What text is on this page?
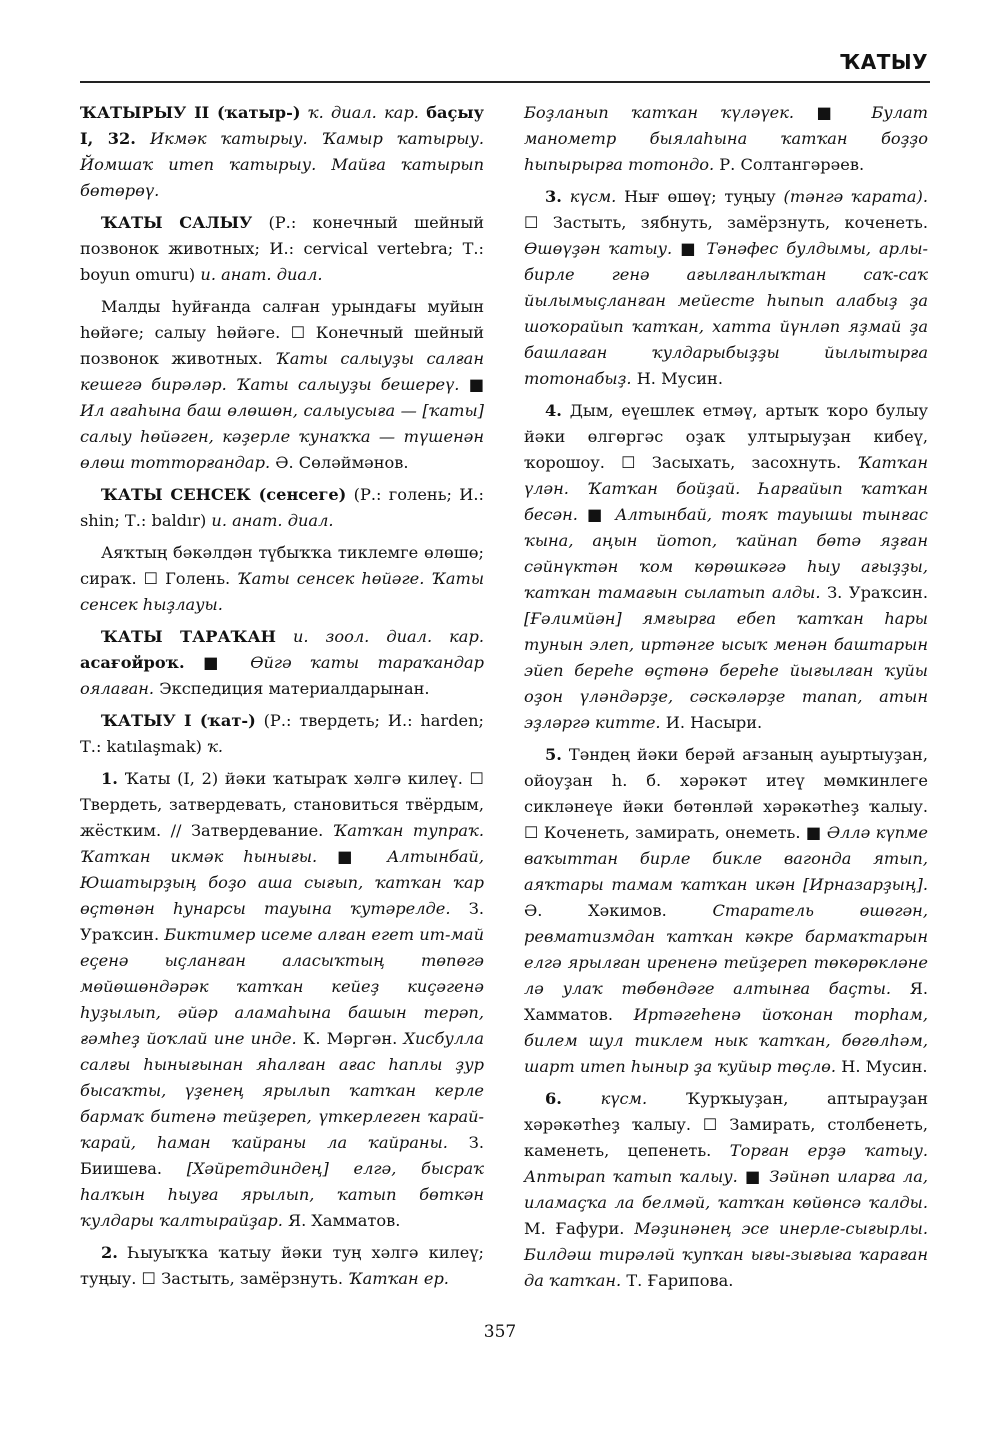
ҠАТЫУ

ҠАТЫРЫУ II (ҡатыр-) ҡ. диал. кар. баҫыу I, 32. Икмәк ҡатырыу. Ҡамыр ҡатырыу. Йомшаҡ итеп ҡатырыу. Майға ҡатырып бөтөрөү.

ҠАТЫ САЛЫУ (Р.: конечный шейный позвонок животных; И.: cervical vertebra; Т.: boyun omuru) и. анат. диал.

Малды һуйғанда салған урындағы муйын һөйәге; салыу һөйәге. ☐ Конечный шейный позвонок животных. Ҡаты салыуҙы салған кешегә бирәләр. Ҡаты салыуҙы бешереү. ■ Ил ағаһына баш өлөшөн, салыусыға — [ҡаты] салыу һөйәген, кәҙерле ҡунаҡҡа — түшенән өлөш тотторғандар. Ә. Сөләймәнов.

ҠАТЫ СЕНСЕК (сенсеге) (Р.: голень; И.: shin; Т.: baldır) и. анат. диал.

Аяҡтың бәкәлдән түбыҡҡа тиклемге өлөшө; сираҡ. ☐ Голень. Ҡаты сенсек һөйәге. Ҡаты сенсек һыҙлауы.

ҠАТЫ ТАРАҠАН и. зоол. диал. кар. асағойроҡ. ■ Өйгә ҡаты тараҡандар оялаған. Экспедиция материалдарынан.

ҠАТЫУ I (ҡат-) (Р.: твердеть; И.: harden; Т.: katılaşmak) ҡ.

1. Ҡаты (I, 2) йәки ҡатыраҡ хәлгә килеү. ☐ Твердеть, затвердевать, становиться твёрдым, жёстким. // Затвердевание. Ҡатҡан тупраҡ. Ҡатҡан икмәк һынығы. ■ Алтынбай, Юшатырҙың боҙо аша сығып, ҡатҡан ҡар өҫтөнән һунарсы тауына ҡутәрелде. З. Ураҡсин. Биктимер исеме алған егет ит-май еҫенә ыҫланған аласыҡтың төпөгә мөйөшөндәрәк ҡатҡан кейеҙ киҫәгенә һуҙылып, әйәр аламаһына башын терәп, ғәмһеҙ йоҡлай ине инде. К. Мәргән. Хисбулла салғы һынығынан яһалған ағас һаплы ҙур бысаҡты, үҙенең ярылып ҡатҡан керле бармаҡ битенә тейҙереп, үткерлеген ҡарай-ҡарай, һаман ҡайраны ла ҡайраны. З. Биишева. [Хәйретдиндең] елгә, бысраҡ һалҡын һыуға ярылып, ҡатып бөткән ҡулдары ҡалтырайҙар. Я. Хамматов.

2. Һыуыҡҡа ҡатыу йәки туң хәлгә килеү; туңыу. ☐ Застыть, замёрзнуть. Ҡатҡан ер.

Боҙланып ҡатҡан ҡүләүек. ■ Булат манометр быялаһына ҡатҡан боҙҙо һыпырырға тотондо. Р. Солтангәрәев.

3. күсм. Нығ өшөү; туңыу (тәнгә ҡарата). ☐ Застыть, зябнуть, замёрзнуть, коченеть. Өшөүҙән ҡатыу. ■ Тәнәфес булдымы, арлы-бирле генә ағылғанлыҡтан саҡ-саҡ йылымыҫланған мейесте һыпып алабыҙ ҙа шоҡорайып ҡатҡан, хатта йүнләп яҙмай ҙа башлаған ҡулдарыбыҙҙы йылытырға тотонабыҙ. Н. Мусин.

4. Дым, еүешлек етмәү, артыҡ ҡоро булыу йәки өлгөргәс оҙаҡ ултырыуҙан кибеү, ҡорошоу. ☐ Засыхать, засохнуть. Ҡатҡан үлән. Ҡатҡан бойҙай. Һарғайып ҡатҡан бесән. ■ Алтынбай, тояҡ тауышы тынғас ҡына, аңын йотоп, ҡайнап бөтә яҙған сәйнүктән ҡом көрөшкәгә һыу ағыҙҙы, ҡатҡан тамағын сылатып алды. З. Ураҡсин. [Ғәлимйән] ямғырға ебеп ҡатҡан һары тунын элеп, иртәнге ысыҡ менән баштарын эйеп береһе өҫтөнә береһе йығылған ҡуйы оҙон үләндәрҙе, сәскәләрҙе тапап, атын эҙләргә китте. И. Насыри.

5. Тәндең йәки берәй ағзаның ауыртыуҙан, ойоуҙан һ. б. хәрәкәт итеү мөмкинлеге сикләнеүе йәки бөтөнләй хәрәкәтһеҙ ҡалыу. ☐ Коченеть, замирать, онеметь. ■ Әллә күпме ваҡыттан бирле бикле вагонда ятып, аяҡтары тамам ҡатҡан икән [Ирназарҙың]. Ә. Хәкимов. Старатель өшөгән, ревматизмдан ҡатҡан кәкре бармаҡтарын елгә ярылған ирененә тейҙереп төкөрөкләне лә улаҡ төбөндәге алтынға баҫты. Я. Хамматов. Иртәгеһенә йоҡонан торһам, билем шул тиклем нык ҡатҡан, бөгөлһәм, шарт итеп һыныр ҙа ҡуйыр төҫлө. Н. Мусин.

6. күсм. Ҡурҡыуҙан, аптырауҙан хәрәкәтһеҙ ҡалыу. ☐ Замирать, столбенеть, каменеть, цепенеть. Торған ерҙә ҡатыу. Аптырап ҡатып ҡалыу. ■ Зәйнәп иларға ла, иламаҫҡа ла белмәй, ҡатҡан көйөнсә ҡалды. М. Ғафури. Мәҙинәнең эсе инерле-сығырлы. Билдәш тирәләй ҡупҡан ығы-зығыға ҡараған да ҡатҡан. Т. Ғарипова.

357
